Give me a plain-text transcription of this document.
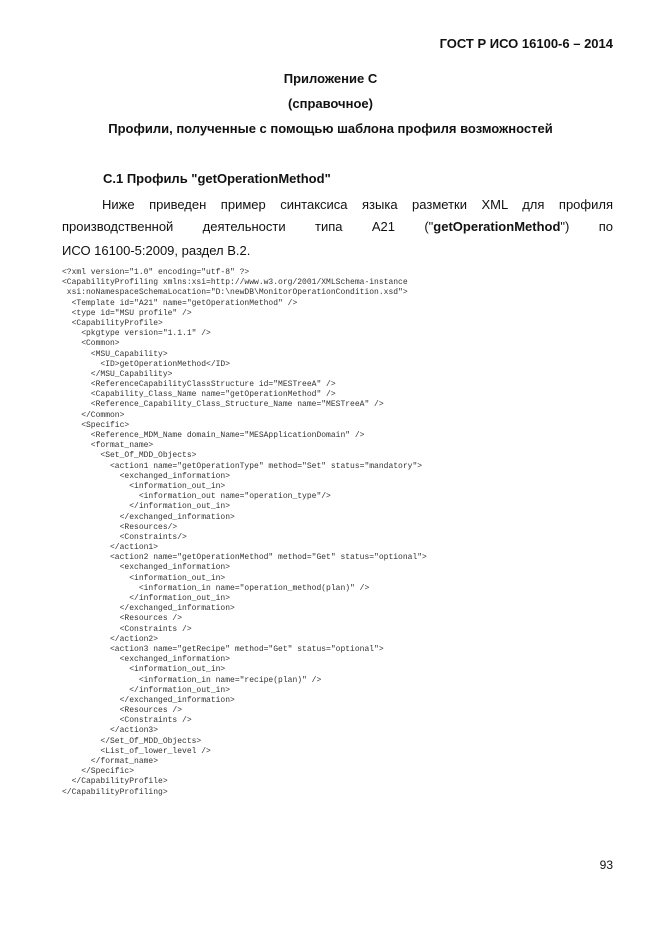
ГОСТ Р ИСО 16100-6 – 2014
Приложение С
(справочное)
Профили, полученные с помощью шаблона профиля возможностей
С.1 Профиль "getOperationMethod"
Ниже приведен пример синтаксиса языка разметки XML для профиля
производственной деятельности типа А21 ("getOperationMethod") по
ИСО 16100-5:2009, раздел В.2.
<?xml version="1.0" encoding="utf-8" ?>
<CapabilityProfiling xmlns:xsi=http://www.w3.org/2001/XMLSchema-instance
xsi:noNamespaceSchemaLocation="D:\newDB\MonitorOperationCondition.xsd">
<Template id="A21" name="getOperationMethod" />
<type id="MSU profile" />
<CapabilityProfile>
<pkgtype version="1.1.1" />
<Common>
<MSU_Capability>
<ID>getOperationMethod</ID>
</MSU_Capability>
<ReferenceCapabilityClassStructure id="MESTreeA" />
<Capability_Class_Name name="getOperationMethod" />
<Reference_Capability_Class_Structure_Name name="MESTreeA" />
</Common>
<Specific>
<Reference_MDM_Name domain_Name="MESApplicationDomain" />
<format_name>
<Set_Of_MDD_Objects>
<action1 name="getOperationType" method="Set" status="mandatory">
<exchanged_information>
<information_out_in>
<information_out name="operation_type"/>
</information_out_in>
</exchanged_information>
<Resources/>
<Constraints/>
</action1>
<action2 name="getOperationMethod" method="Get" status="optional">
<exchanged_information>
<information_out_in>
<information_in name="operation_method(plan)" />
</information_out_in>
</exchanged_information>
<Resources />
<Constraints />
</action2>
<action3 name="getRecipe" method="Get" status="optional">
<exchanged_information>
<information_out_in>
<information_in name="recipe(plan)" />
</information_out_in>
</exchanged_information>
<Resources />
<Constraints />
</action3>
</Set_Of_MDD_Objects>
<List_of_lower_level />
</format_name>
</Specific>
</CapabilityProfile>
</CapabilityProfiling>
93
